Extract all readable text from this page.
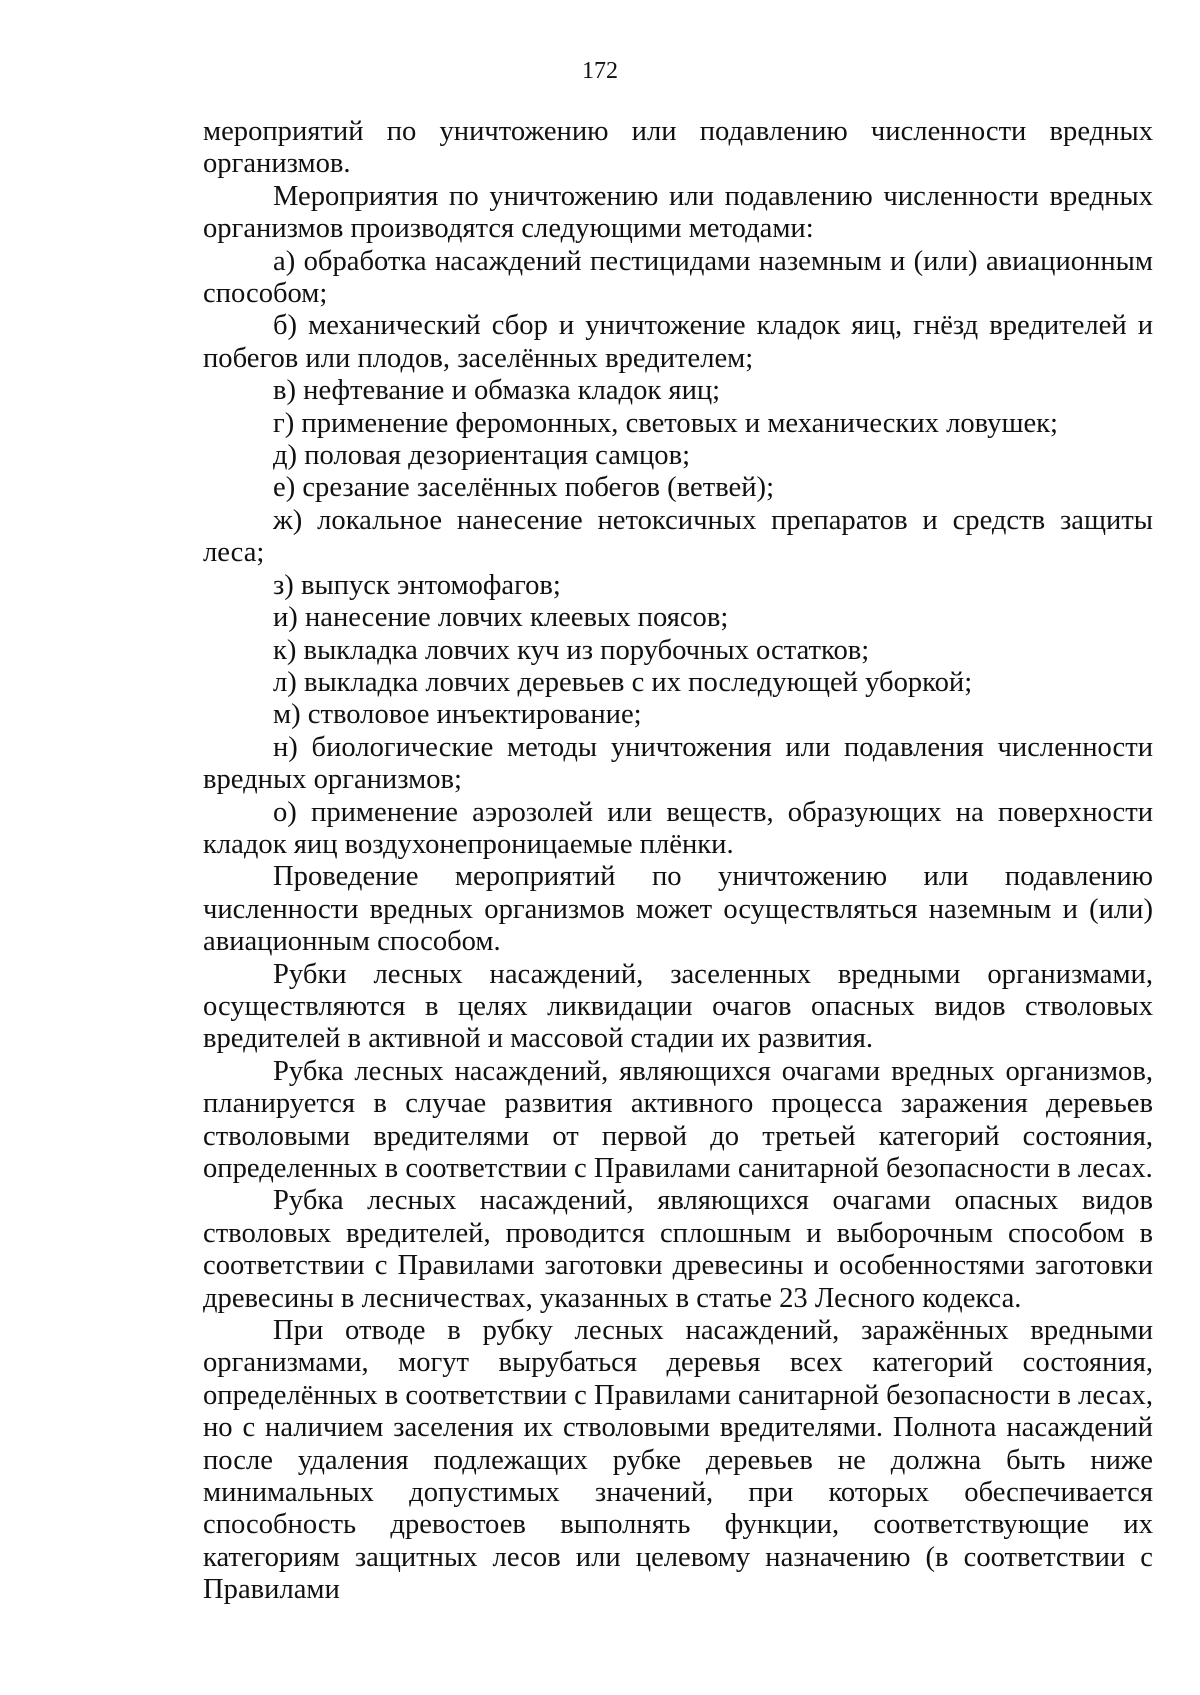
172

мероприятий по уничтожению или подавлению численности вредных организмов.

Мероприятия по уничтожению или подавлению численности вредных организмов производятся следующими методами:

а) обработка насаждений пестицидами наземным и (или) авиационным способом;

б) механический сбор и уничтожение кладок яиц, гнёзд вредителей и побегов или плодов, заселённых вредителем;

в) нефтевание и обмазка кладок яиц;

г) применение феромонных, световых и механических ловушек;

д) половая дезориентация самцов;

е) срезание заселённых побегов (ветвей);

ж) локальное нанесение нетоксичных препаратов и средств защиты леса;

з) выпуск энтомофагов;

и) нанесение ловчих клеевых поясов;

к) выкладка ловчих куч из порубочных остатков;

л) выкладка ловчих деревьев с их последующей уборкой;

м) стволовое инъектирование;

н) биологические методы уничтожения или подавления численности вредных организмов;

о) применение аэрозолей или веществ, образующих на поверхности кладок яиц воздухонепроницаемые плёнки.

Проведение мероприятий по уничтожению или подавлению численности вредных организмов может осуществляться наземным и (или) авиационным способом.

Рубки лесных насаждений, заселенных вредными организмами, осуществляются в целях ликвидации очагов опасных видов стволовых вредителей в активной и массовой стадии их развития.

Рубка лесных насаждений, являющихся очагами вредных организмов, планируется в случае развития активного процесса заражения деревьев стволовыми вредителями от первой до третьей категорий состояния, определенных в соответствии с Правилами санитарной безопасности в лесах.

Рубка лесных насаждений, являющихся очагами опасных видов стволовых вредителей, проводится сплошным и выборочным способом в соответствии с Правилами заготовки древесины и особенностями заготовки древесины в лесничествах, указанных в статье 23 Лесного кодекса.

При отводе в рубку лесных насаждений, заражённых вредными организмами, могут вырубаться деревья всех категорий состояния, определённых в соответствии с Правилами санитарной безопасности в лесах, но с наличием заселения их стволовыми вредителями. Полнота насаждений после удаления подлежащих рубке деревьев не должна быть ниже минимальных допустимых значений, при которых обеспечивается способность древостоев выполнять функции, соответствующие их категориям защитных лесов или целевому назначению (в соответствии с Правилами
